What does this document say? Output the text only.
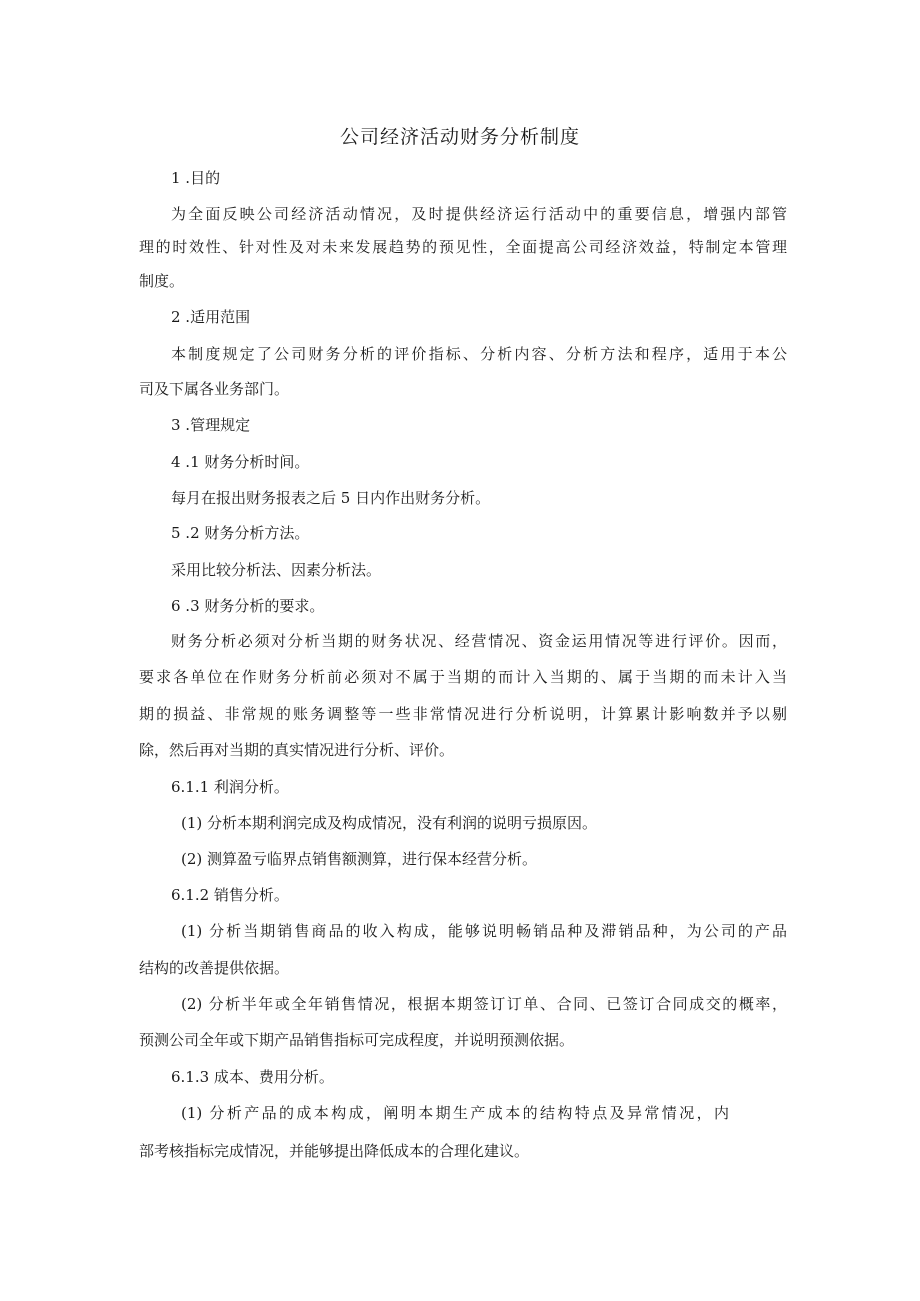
公司经济活动财务分析制度
1 .目的
为全面反映公司经济活动情况，及时提供经济运行活动中的重要信息，增强内部管
理的时效性、针对性及对未来发展趋势的预见性，全面提高公司经济效益，特制定本管理
制度。
2 .适用范围
本制度规定了公司财务分析的评价指标、分析内容、分析方法和程序，适用于本公
司及下属各业务部门。
3 .管理规定
4 .1 财务分析时间。
每月在报出财务报表之后 5 日内作出财务分析。
5 .2 财务分析方法。
采用比较分析法、因素分析法。
6 .3 财务分析的要求。
财务分析必须对分析当期的财务状况、经营情况、资金运用情况等进行评价。因而，
要求各单位在作财务分析前必须对不属于当期的而计入当期的、属于当期的而未计入当
期的损益、非常规的账务调整等一些非常情况进行分析说明，计算累计影响数并予以剔
除，然后再对当期的真实情况进行分析、评价。
6.1.1 利润分析。
(1) 分析本期利润完成及构成情况，没有利润的说明亏损原因。
(2) 测算盈亏临界点销售额测算，进行保本经营分析。
6.1.2 销售分析。
(1) 分析当期销售商品的收入构成，能够说明畅销品种及滞销品种，为公司的产品
结构的改善提供依据。
(2) 分析半年或全年销售情况，根据本期签订订单、合同、已签订合同成交的概率，
预测公司全年或下期产品销售指标可完成程度，并说明预测依据。
6.1.3 成本、费用分析。
(1) 分析产品的成本构成，阐明本期生产成本的结构特点及异常情况，内
部考核指标完成情况，并能够提出降低成本的合理化建议。
